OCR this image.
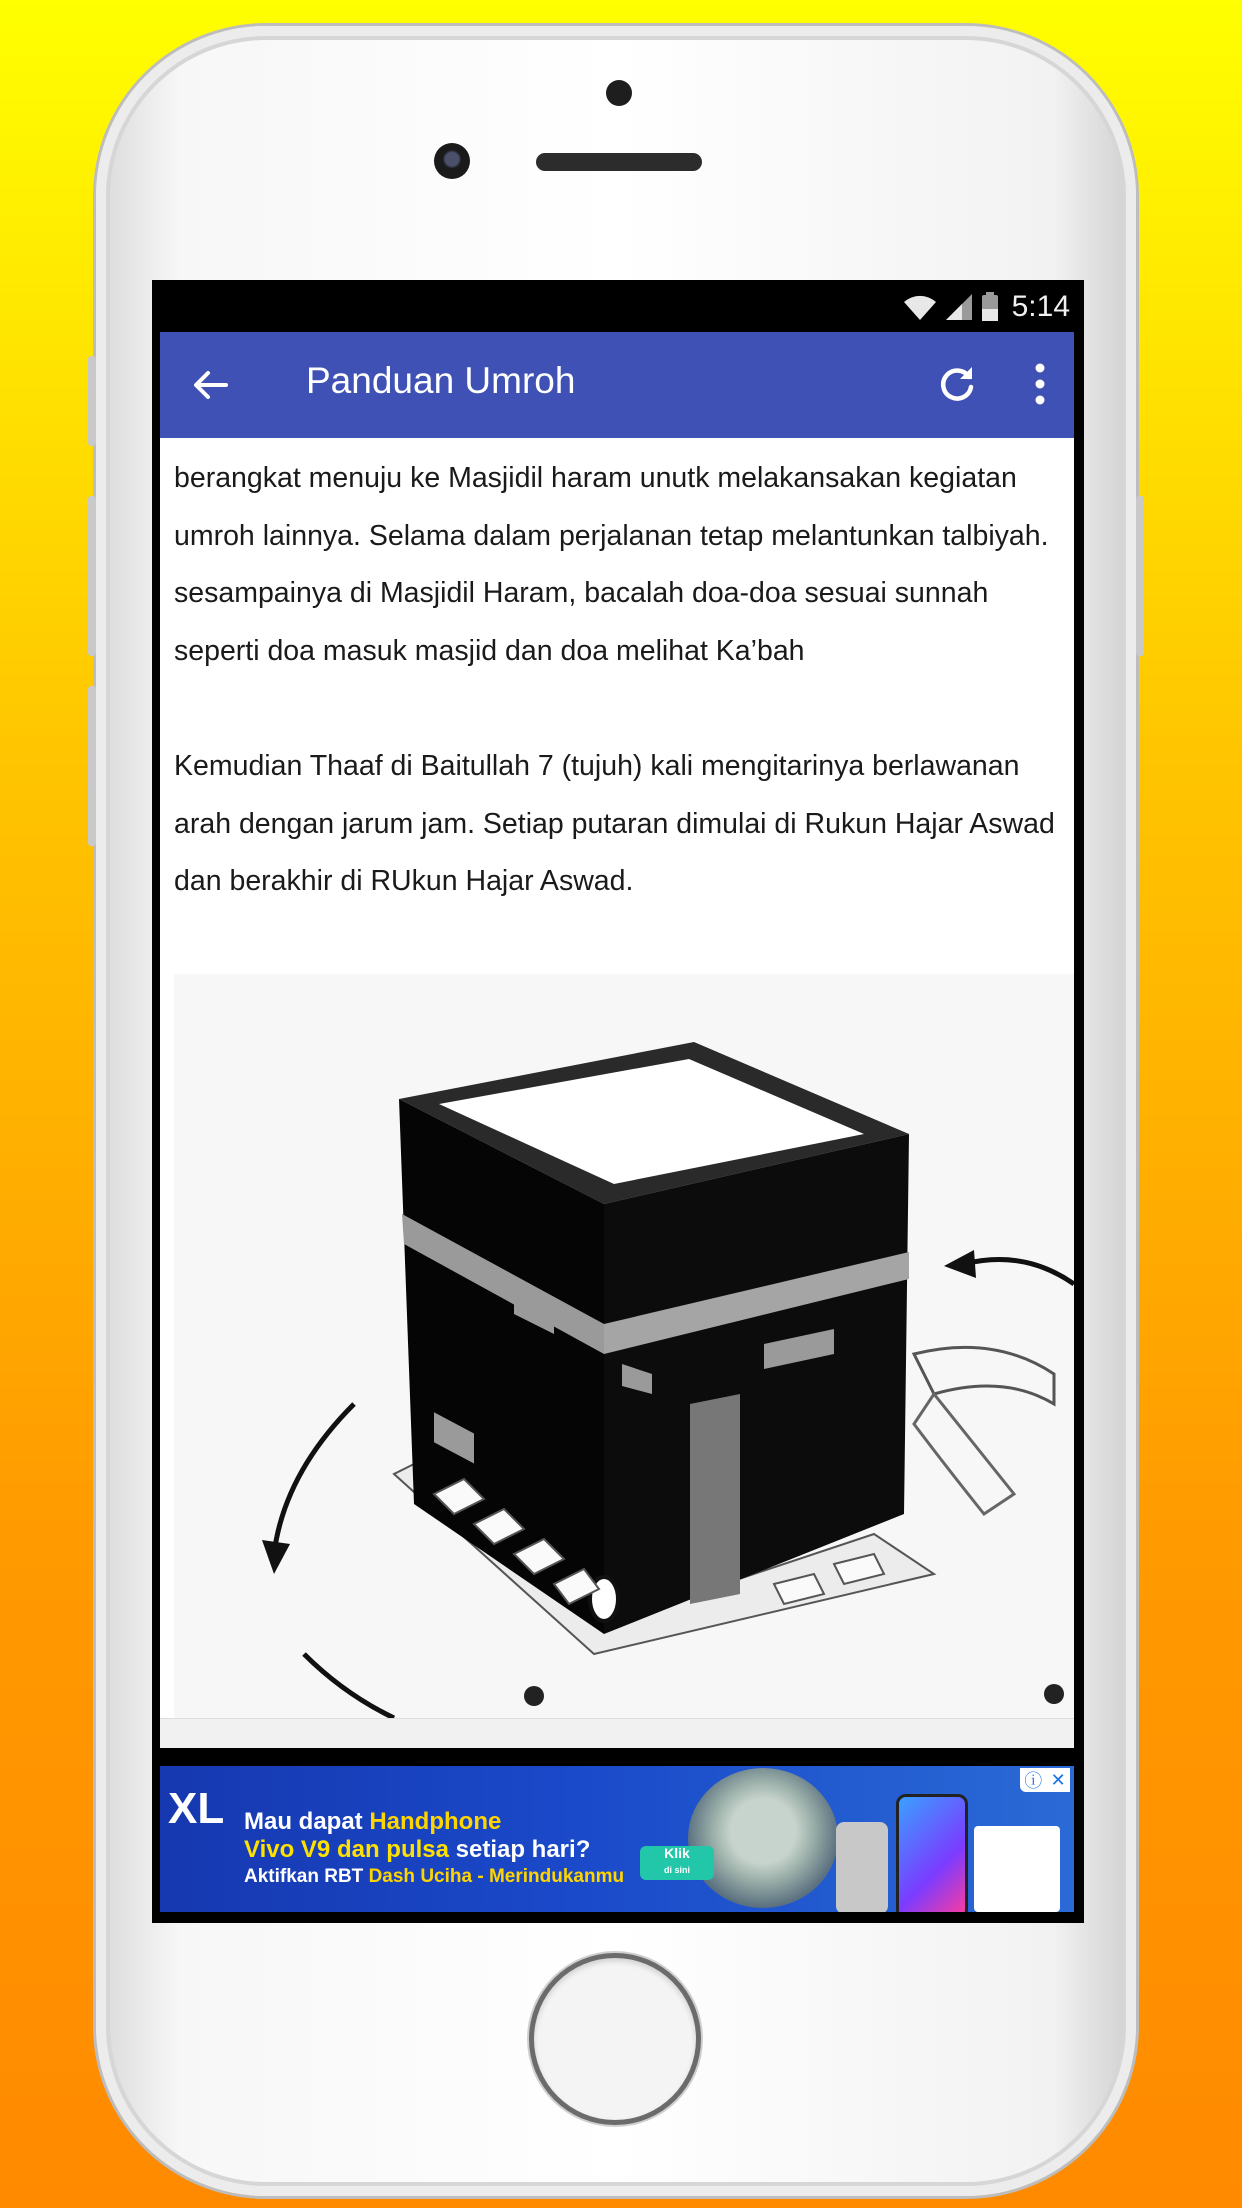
5:14
Panduan Umroh

berangkat menuju ke Masjidil haram unutk melakansakan kegiatan umroh lainnya. Selama dalam perjalanan tetap melantunkan talbiyah. sesampainya di Masjidil Haram, bacalah doa-doa sesuai sunnah seperti doa masuk masjid dan doa melihat Ka’bah

Kemudian Thaaf di Baitullah 7 (tujuh) kali mengitarinya berlawanan arah dengan jarum jam. Setiap putaran dimulai di Rukun Hajar Aswad dan berakhir di RUkun Hajar Aswad.

XL Mau dapat Handphone
Vivo V9 dan pulsa setiap hari?
Aktifkan RBT Dash Uciha - Merindukanmu
Klik
di sini
ⓘ ✕
